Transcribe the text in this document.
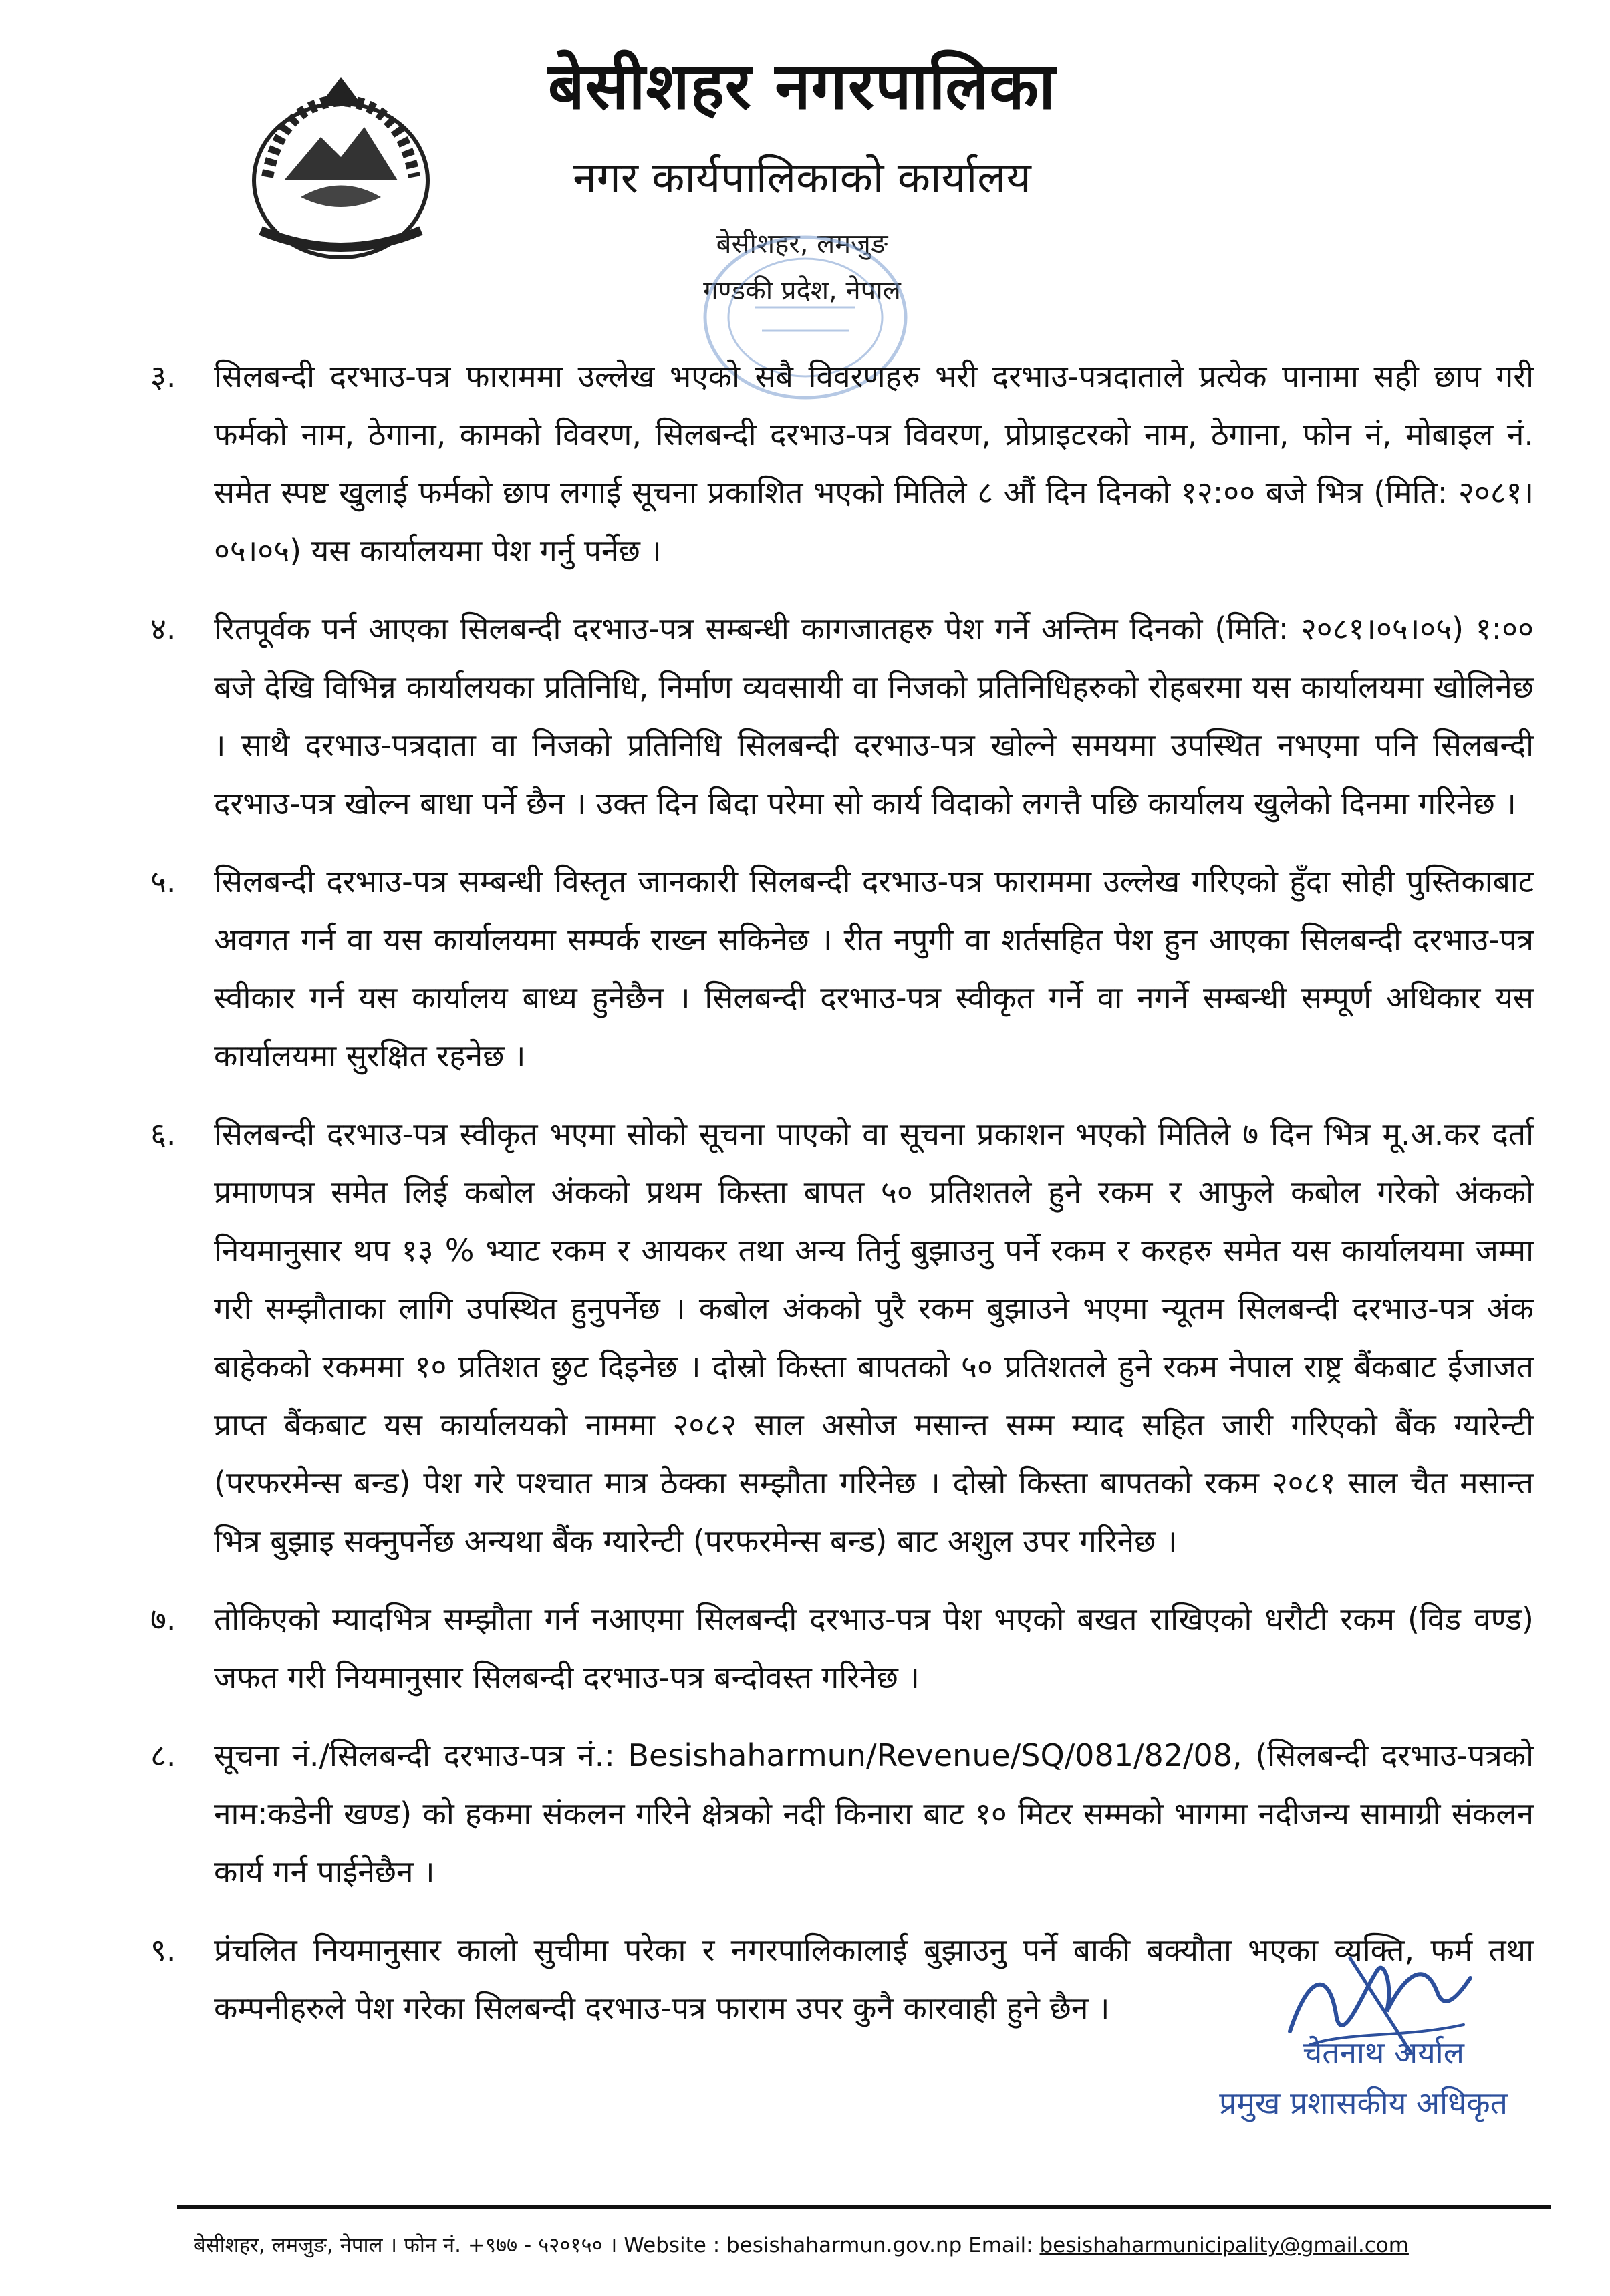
बेसीशहर नगरपालिका
नगर कार्यपालिकाको कार्यालय
बेसीशहर, लमजुङ
गण्डकी प्रदेश, नेपाल
३.	सिलबन्दी दरभाउ-पत्र फाराममा उल्लेख भएको सबै विवरणहरु भरी दरभाउ-पत्रदाताले प्रत्येक पानामा सही छाप गरी फर्मको नाम, ठेगाना, कामको विवरण, सिलबन्दी दरभाउ-पत्र विवरण, प्रोप्राइटरको नाम, ठेगाना, फोन नं, मोबाइल नं. समेत स्पष्ट खुलाई फर्मको छाप लगाई सूचना प्रकाशित भएको मितिले ८ औं दिन दिनको १२:०० बजे भित्र (मिति: २०८१।०५।०५) यस कार्यालयमा पेश गर्नु पर्नेछ ।
४.	रितपूर्वक पर्न आएका सिलबन्दी दरभाउ-पत्र सम्बन्धी कागजातहरु पेश गर्ने अन्तिम दिनको (मिति: २०८१।०५।०५) १:०० बजे देखि विभिन्न कार्यालयका प्रतिनिधि, निर्माण व्यवसायी वा निजको प्रतिनिधिहरुको रोहबरमा यस कार्यालयमा खोलिनेछ । साथै दरभाउ-पत्रदाता वा निजको प्रतिनिधि सिलबन्दी दरभाउ-पत्र खोल्ने समयमा उपस्थित नभएमा पनि सिलबन्दी दरभाउ-पत्र खोल्न बाधा पर्ने छैन । उक्त दिन बिदा परेमा सो कार्य विदाको लगत्तै पछि कार्यालय खुलेको दिनमा गरिनेछ ।
५.	सिलबन्दी दरभाउ-पत्र सम्बन्धी विस्तृत जानकारी सिलबन्दी दरभाउ-पत्र फाराममा उल्लेख गरिएको हुँदा सोही पुस्तिकाबाट अवगत गर्न वा यस कार्यालयमा सम्पर्क राख्न सकिनेछ । रीत नपुगी वा शर्तसहित पेश हुन आएका सिलबन्दी दरभाउ-पत्र स्वीकार गर्न यस कार्यालय बाध्य हुनेछैन । सिलबन्दी दरभाउ-पत्र स्वीकृत गर्ने वा नगर्ने सम्बन्धी सम्पूर्ण अधिकार यस कार्यालयमा सुरक्षित रहनेछ ।
६.	सिलबन्दी दरभाउ-पत्र स्वीकृत भएमा सोको सूचना पाएको वा सूचना प्रकाशन भएको मितिले ७ दिन भित्र मू.अ.कर दर्ता प्रमाणपत्र समेत लिई कबोल अंकको प्रथम किस्ता बापत ५० प्रतिशतले हुने रकम र आफुले कबोल गरेको अंकको नियमानुसार थप १३ % भ्याट रकम र आयकर तथा अन्य तिर्नु बुझाउनु पर्ने रकम र करहरु समेत यस कार्यालयमा जम्मा गरी सम्झौताका लागि उपस्थित हुनुपर्नेछ । कबोल अंकको पुरै रकम बुझाउने भएमा न्यूतम सिलबन्दी दरभाउ-पत्र अंक बाहेकको रकममा १० प्रतिशत छुट दिइनेछ । दोस्रो किस्ता बापतको ५० प्रतिशतले हुने रकम नेपाल राष्ट्र बैंकबाट ईजाजत प्राप्त बैंकबाट यस कार्यालयको नाममा २०८२ साल असोज मसान्त सम्म म्याद सहित जारी गरिएको बैंक ग्यारेन्टी (परफरमेन्स बन्ड) पेश गरे पश्चात मात्र ठेक्का सम्झौता गरिनेछ । दोस्रो किस्ता बापतको रकम २०८१ साल चैत मसान्त भित्र बुझाइ सक्नुपर्नेछ अन्यथा बैंक ग्यारेन्टी (परफरमेन्स बन्ड) बाट अशुल उपर गरिनेछ ।
७.	तोकिएको म्यादभित्र सम्झौता गर्न नआएमा सिलबन्दी दरभाउ-पत्र पेश भएको बखत राखिएको धरौटी रकम (विड वण्ड) जफत गरी नियमानुसार सिलबन्दी दरभाउ-पत्र बन्दोवस्त गरिनेछ ।
८.	सूचना नं./सिलबन्दी दरभाउ-पत्र नं.: Besishaharmun/Revenue/SQ/081/82/08, (सिलबन्दी दरभाउ-पत्रको नाम:कडेनी खण्ड) को हकमा संकलन गरिने क्षेत्रको नदी किनारा बाट १० मिटर सम्मको भागमा नदीजन्य सामाग्री संकलन कार्य गर्न पाईनेछैन ।
९.	प्रंचलित नियमानुसार कालो सुचीमा परेका र नगरपालिकालाई बुझाउनु पर्ने बाकी बक्यौता भएका व्यक्ति, फर्म तथा कम्पनीहरुले पेश गरेका सिलबन्दी दरभाउ-पत्र फाराम उपर कुनै कारवाही हुने छैन ।
चेतनाथ अर्याल
प्रमुख प्रशासकीय अधिकृत
बेसीशहर, लमजुङ, नेपाल । फोन नं. +९७७ - ५२०१५० । Website : besishaharmun.gov.np Email: besishaharmunicipality@gmail.com
